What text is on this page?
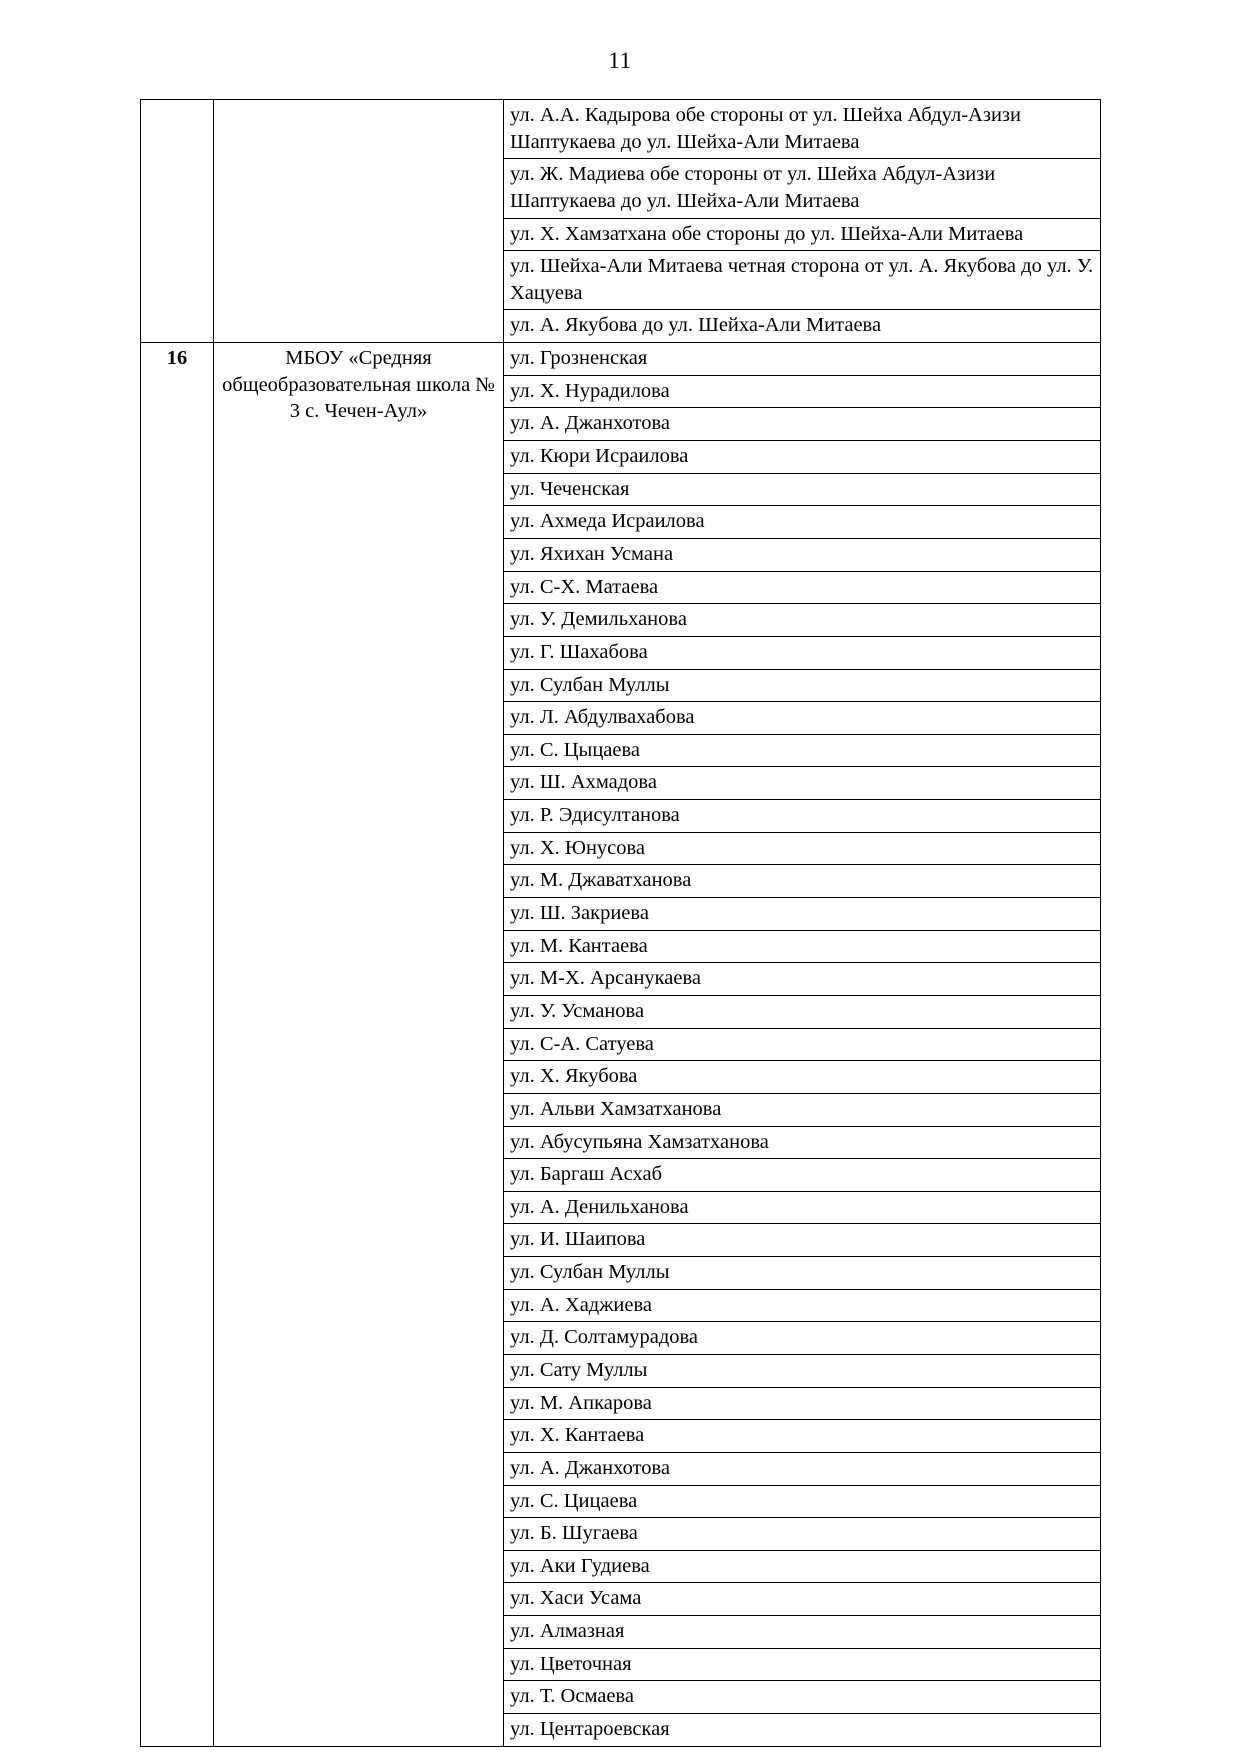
11

		ул. А.А. Кадырова обе стороны от ул. Шейха Абдул-Азизи Шаптукаева до ул. Шейха-Али Митаева

		ул. Ж. Мадиева обе стороны от ул. Шейха Абдул-Азизи Шаптукаева до ул. Шейха-Али Митаева

		ул. Х. Хамзатхана обе стороны до ул. Шейха-Али Митаева

		ул. Шейха-Али Митаева четная сторона от ул. А. Якубова до ул. У. Хацуева

		ул. А. Якубова до ул. Шейха-Али Митаева

16	МБОУ «Средняя общеобразовательная школа № 3 с. Чечен-Аул»	ул. Грозненская

		ул. Х. Нурадилова

		ул. А. Джанхотова

		ул. Кюри Исраилова

		ул. Чеченская

		ул. Ахмеда Исраилова

		ул. Яхихан Усмана

		ул. С-Х. Матаева

		ул. У. Демильханова

		ул. Г. Шахабова

		ул. Сулбан Муллы

		ул. Л. Абдулвахабова

		ул. С. Цыцаева

		ул. Ш. Ахмадова

		ул. Р. Эдисултанова

		ул. Х. Юнусова

		ул. М. Джаватханова

		ул. Ш. Закриева

		ул. М. Кантаева

		ул. М-Х. Арсанукаева

		ул. У. Усманова

		ул. С-А. Сатуева

		ул. Х. Якубова

		ул. Альви Хамзатханова

		ул. Абусупьяна Хамзатханова

		ул. Баргаш Асхаб

		ул. А. Денильханова

		ул. И. Шаипова

		ул. Сулбан Муллы

		ул. А. Хаджиева

		ул. Д. Солтамурадова

		ул. Сату Муллы

		ул. М. Апкарова

		ул. Х. Кантаева

		ул. А. Джанхотова

		ул. С. Цицаева

		ул. Б. Шугаева

		ул. Аки Гудиева

		ул. Хаси Усама

		ул. Алмазная

		ул. Цветочная

		ул. Т. Осмаева

		ул. Центароевская
